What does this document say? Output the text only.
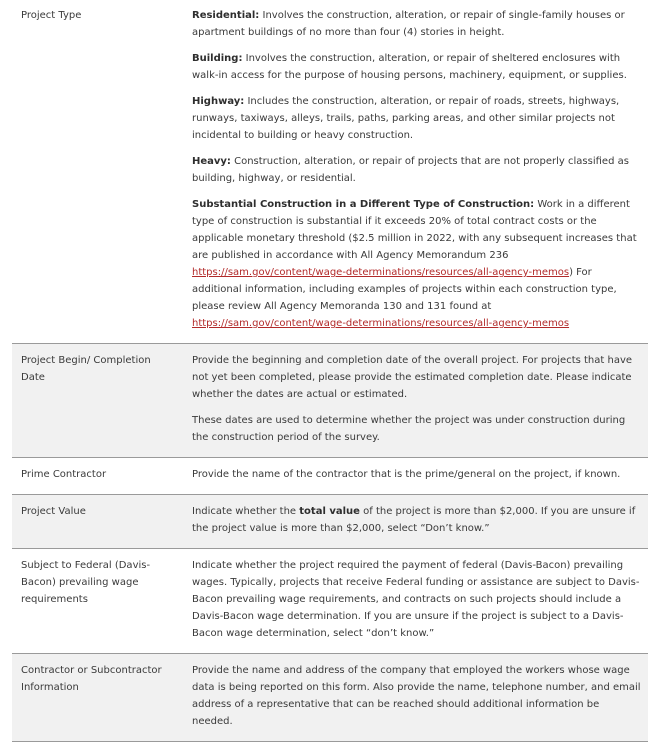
Project Type	Residential: Involves the construction, alteration, or repair of single-family houses or apartment buildings of no more than four (4) stories in height.

Building: Involves the construction, alteration, or repair of sheltered enclosures with walk-in access for the purpose of housing persons, machinery, equipment, or supplies.

Highway: Includes the construction, alteration, or repair of roads, streets, highways, runways, taxiways, alleys, trails, paths, parking areas, and other similar projects not incidental to building or heavy construction.

Heavy: Construction, alteration, or repair of projects that are not properly classified as building, highway, or residential.

Substantial Construction in a Different Type of Construction: Work in a different type of construction is substantial if it exceeds 20% of total contract costs or the applicable monetary threshold ($2.5 million in 2022, with any subsequent increases that are published in accordance with All Agency Memorandum 236 https://sam.gov/content/wage-determinations/resources/all-agency-memos) For additional information, including examples of projects within each construction type, please review All Agency Memoranda 130 and 131 found at https://sam.gov/content/wage-determinations/resources/all-agency-memos

Project Begin/ Completion Date	Provide the beginning and completion date of the overall project. For projects that have not yet been completed, please provide the estimated completion date. Please indicate whether the dates are actual or estimated.

These dates are used to determine whether the project was under construction during the construction period of the survey.

Prime Contractor	Provide the name of the contractor that is the prime/general on the project, if known.

Project Value	Indicate whether the total value of the project is more than $2,000. If you are unsure if the project value is more than $2,000, select “Don’t know.”

Subject to Federal (Davis-Bacon) prevailing wage requirements	Indicate whether the project required the payment of federal (Davis-Bacon) prevailing wages. Typically, projects that receive Federal funding or assistance are subject to Davis-Bacon prevailing wage requirements, and contracts on such projects should include a Davis-Bacon wage determination. If you are unsure if the project is subject to a Davis-Bacon wage determination, select “don’t know.”

Contractor or Subcontractor Information	Provide the name and address of the company that employed the workers whose wage data is being reported on this form. Also provide the name, telephone number, and email address of a representative that can be reached should additional information be needed.
